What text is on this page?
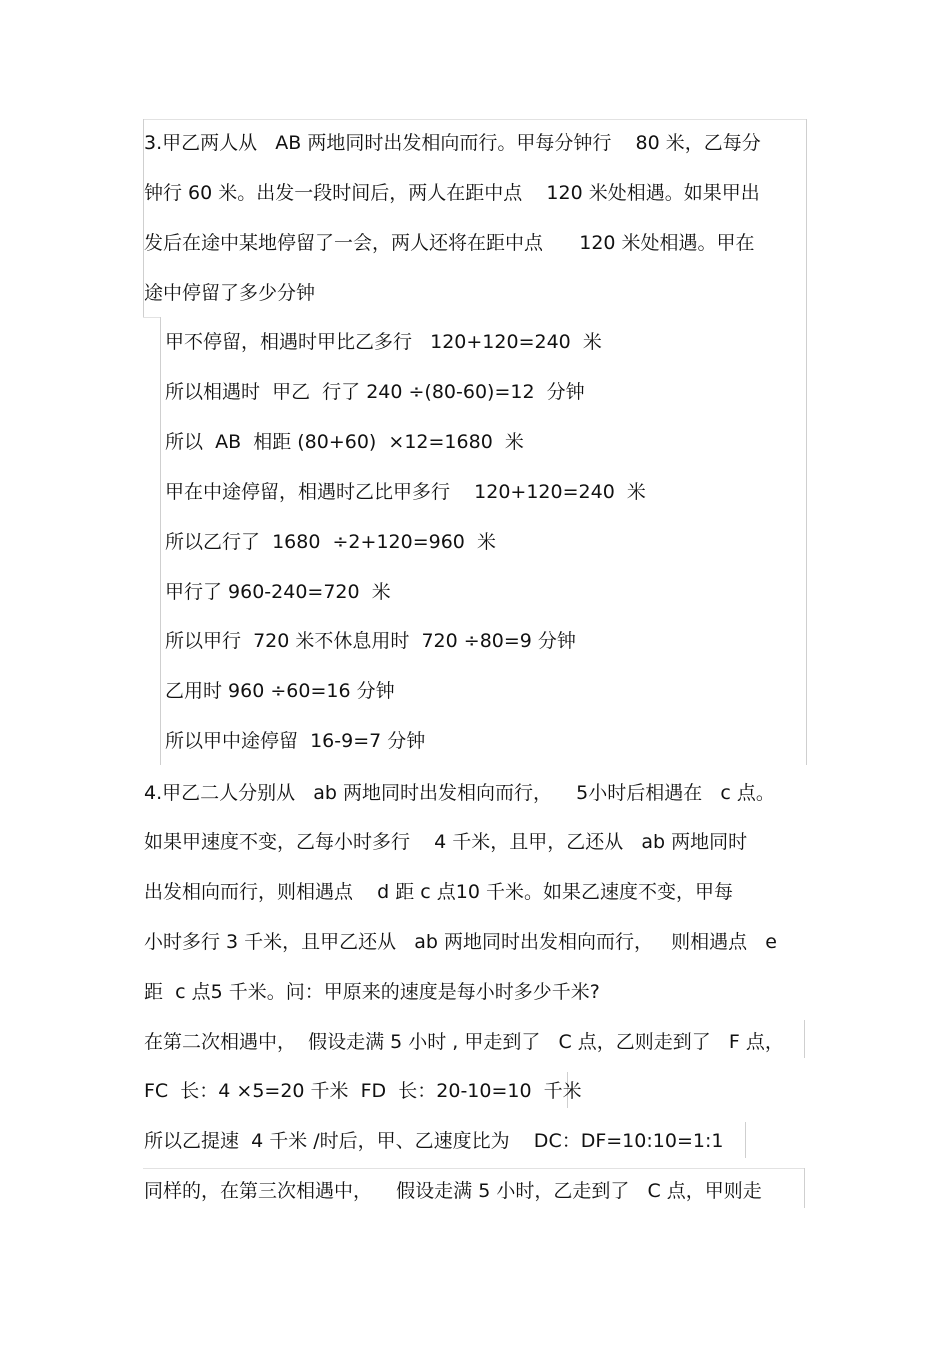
3.甲乙两人从   AB 两地同时出发相向而行。甲每分钟行    80 米，乙每分
钟行 60 米。出发一段时间后，两人在距中点    120 米处相遇。如果甲出
发后在途中某地停留了一会，两人还将在距中点      120 米处相遇。甲在
途中停留了多少分钟
甲不停留，相遇时甲比乙多行   120+120=240  米
所以相遇时  甲乙  行了 240 ÷(80-60)=12  分钟
所以  AB  相距 (80+60)  ×12=1680  米
甲在中途停留，相遇时乙比甲多行    120+120=240  米
所以乙行了  1680  ÷2+120=960  米
甲行了 960-240=720  米
所以甲行  720 米不休息用时  720 ÷80=9 分钟
乙用时 960 ÷60=16 分钟
所以甲中途停留  16-9=7 分钟
4.甲乙二人分别从   ab 两地同时出发相向而行，    5小时后相遇在   c 点。
如果甲速度不变，乙每小时多行    4 千米，且甲，乙还从   ab 两地同时
出发相向而行，则相遇点    d 距 c 点10 千米。如果乙速度不变，甲每
小时多行 3 千米，且甲乙还从   ab 两地同时出发相向而行，   则相遇点   e
距  c 点5 千米。问：甲原来的速度是每小时多少千米?
在第二次相遇中，  假设走满 5 小时 , 甲走到了   C 点，乙则走到了   F 点，
FC  长：4 ×5=20 千米  FD  长：20-10=10  千米
所以乙提速  4 千米 /时后，甲、乙速度比为    DC：DF=10:10=1:1
同样的，在第三次相遇中，    假设走满 5 小时，乙走到了   C 点，甲则走
